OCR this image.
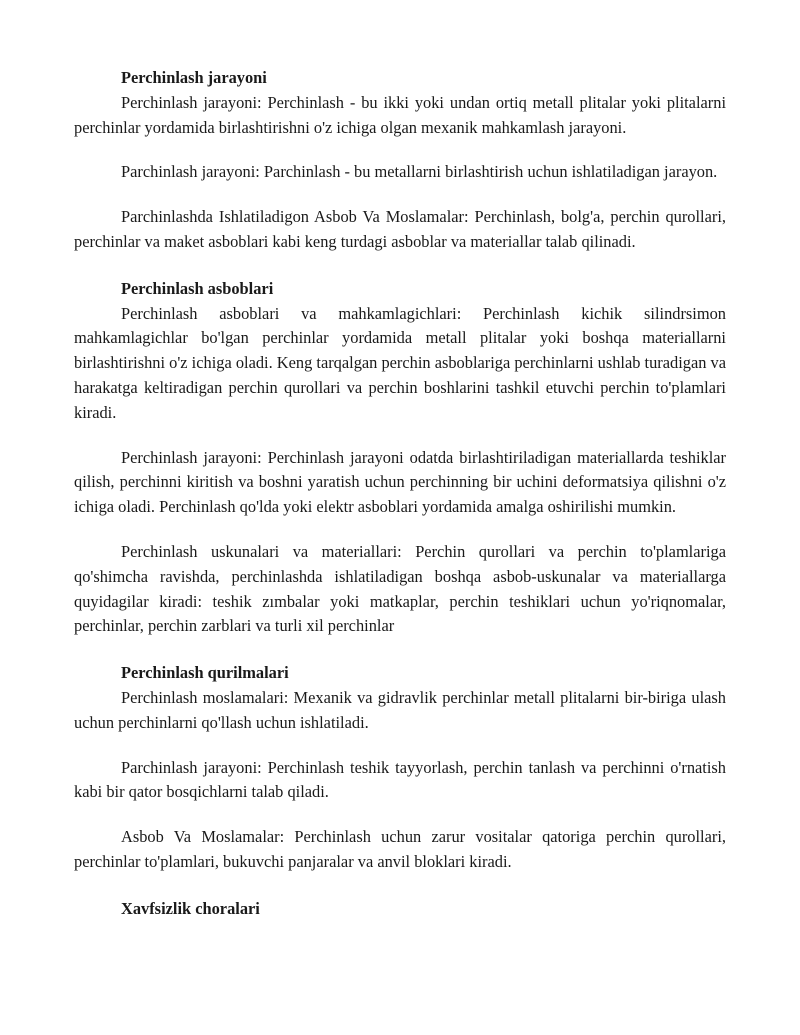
Perchinlash jarayoni

Perchinlash jarayoni: Perchinlash - bu ikki yoki undan ortiq metall plitalar yoki plitalarni perchinlar yordamida birlashtirishni o'z ichiga olgan mexanik mahkamlash jarayoni.

Parchinlash jarayoni: Parchinlash - bu metallarni birlashtirish uchun ishlatiladigan jarayon.

Parchinlashda Ishlatiladigon Asbob Va Moslamalar: Perchinlash, bolg'a, perchin qurollari, perchinlar va maket asboblari kabi keng turdagi asboblar va materiallar talab qilinadi.

Perchinlash asboblari

Perchinlash asboblari va mahkamlagichlari: Perchinlash kichik silindrsimon mahkamlagichlar bo'lgan perchinlar yordamida metall plitalar yoki boshqa materiallarni birlashtirishni o'z ichiga oladi. Keng tarqalgan perchin asboblariga perchinlarni ushlab turadigan va harakatga keltiradigan perchin qurollari va perchin boshlarini tashkil etuvchi perchin to'plamlari kiradi.

Perchinlash jarayoni: Perchinlash jarayoni odatda birlashtiriladigan materiallarda teshiklar qilish, perchinni kiritish va boshni yaratish uchun perchinning bir uchini deformatsiya qilishni o'z ichiga oladi. Perchinlash qo'lda yoki elektr asboblari yordamida amalga oshirilishi mumkin.

Perchinlash uskunalari va materiallari: Perchin qurollari va perchin to'plamlariga qo'shimcha ravishda, perchinlashda ishlatiladigan boshqa asbob-uskunalar va materiallarga quyidagilar kiradi: teshik zımbalar yoki matkaplar, perchin teshiklari uchun yo'riqnomalar, perchinlar, perchin zarblari va turli xil perchinlar

Perchinlash qurilmalari

Perchinlash moslamalari: Mexanik va gidravlik perchinlar metall plitalarni bir-biriga ulash uchun perchinlarni qo'llash uchun ishlatiladi.

Parchinlash jarayoni: Perchinlash teshik tayyorlash, perchin tanlash va perchinni o'rnatish kabi bir qator bosqichlarni talab qiladi.

Asbob Va Moslamalar: Perchinlash uchun zarur vositalar qatoriga perchin qurollari, perchinlar to'plamlari, bukuvchi panjaralar va anvil bloklari kiradi.

Xavfsizlik choralari
